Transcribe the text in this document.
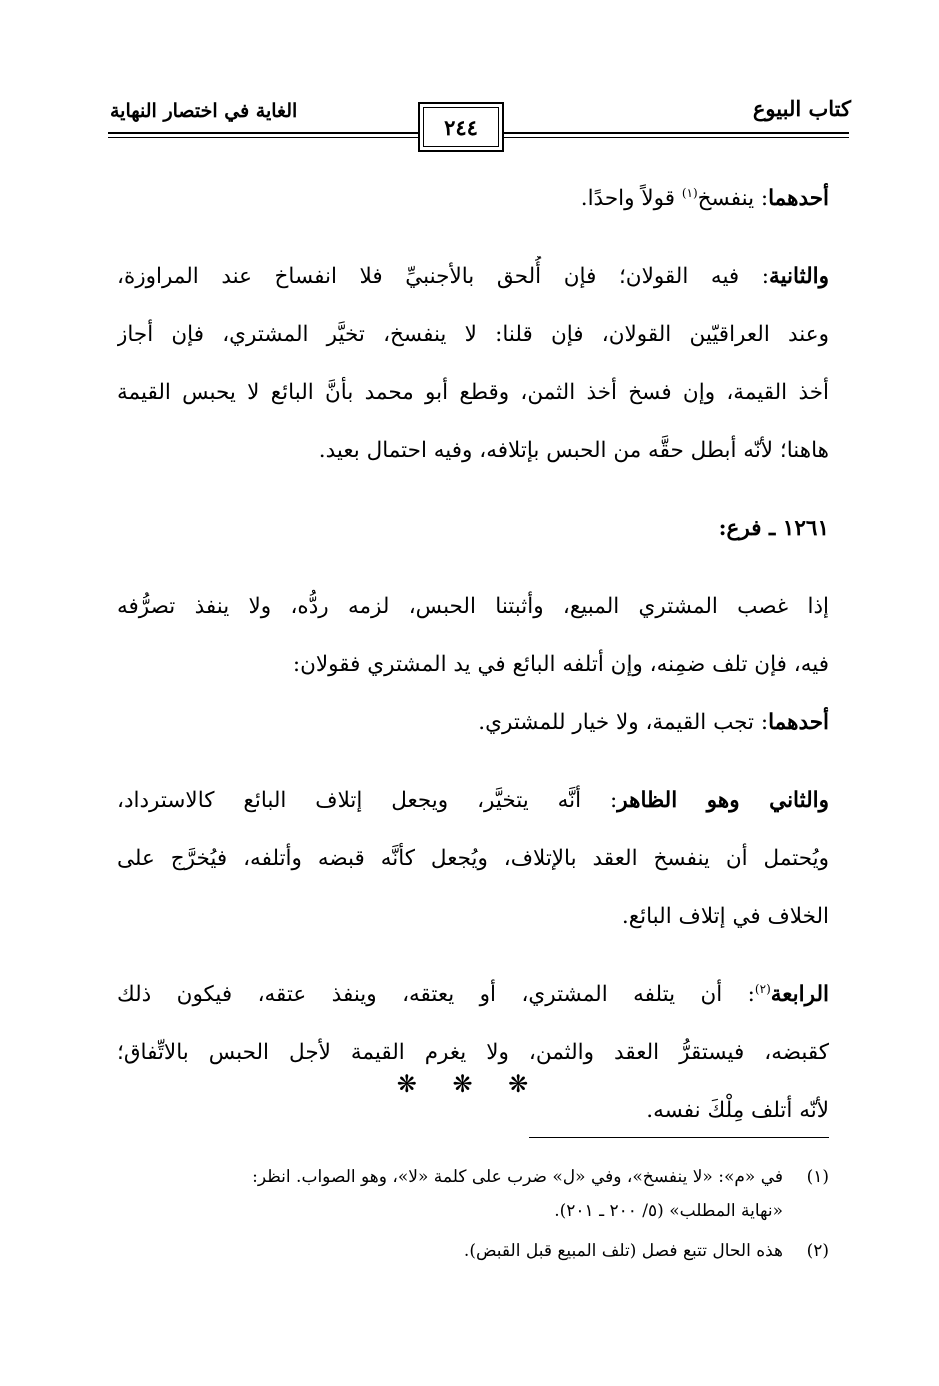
كتاب البيوع
الغاية في اختصار النهاية
٢٤٤
أحدهما: ينفسخ$^{(١)}$ قولاً واحدًا.
والثانية: فيه القولان؛ فإن أُلحق بالأجنبيِّ فلا انفساخ عند المراوزة،
وعند العراقيّين القولان، فإن قلنا: لا ينفسخ، تخيَّر المشتري، فإن أجاز
أخذ القيمة، وإن فسخ أخذ الثمن، وقطع أبو محمد بأنَّ البائع لا يحبس القيمة
هاهنا؛ لأنّه أبطل حقَّه من الحبس بإتلافه، وفيه احتمال بعيد.
١٢٦١ ـ فرع:
إذا غصب المشتري المبيع، وأثبتنا الحبس، لزمه ردُّه، ولا ينفذ تصرُّفه
فيه، فإن تلف ضمِنه، وإن أتلفه البائع في يد المشتري فقولان:
أحدهما: تجب القيمة، ولا خيار للمشتري.
والثاني وهو الظاهر: أنَّه يتخيَّر، ويجعل إتلاف البائع كالاسترداد،
ويُحتمل أن ينفسخ العقد بالإتلاف، ويُجعل كأنَّه قبضه وأتلفه، فيُخرَّج على
الخلاف في إتلاف البائع.
الرابعة$^{(٢)}$: أن يتلفه المشتري، أو يعتقه، وينفذ عتقه، فيكون ذلك
كقبضه، فيستقرُّ العقد والثمن، ولا يغرم القيمة لأجل الحبس بالاتِّفاق؛
لأنّه أتلف مِلْكَ نفسه.
❋ ❋ ❋
(١)
في «م»: «لا ينفسخ»، وفي «ل» ضرب على كلمة «لا»، وهو الصواب. انظر:
«نهاية المطلب» (٥/ ٢٠٠ ـ ٢٠١).
(٢)
هذه الحال تتبع فصل (تلف المبيع قبل القبض).
